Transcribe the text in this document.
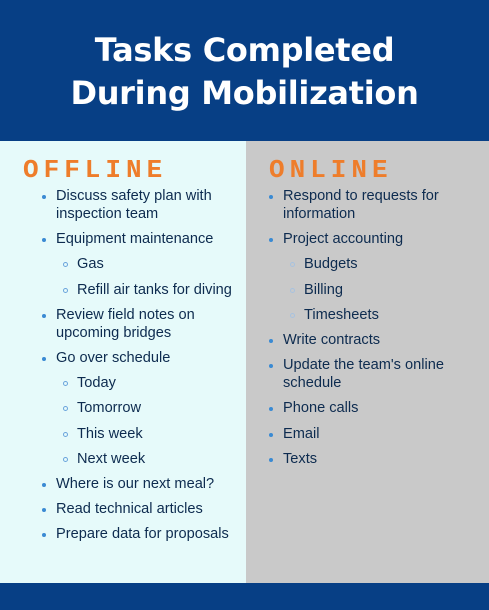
Tasks Completed
During Mobilization
OFFLINE
Discuss safety plan with inspection team
Equipment maintenance
Gas
Refill air tanks for diving
Review field notes on upcoming bridges
Go over schedule
Today
Tomorrow
This week
Next week
Where is our next meal?
Read technical articles
Prepare data for proposals
ONLINE
Respond to requests for information
Project accounting
Budgets
Billing
Timesheets
Write contracts
Update the team's online schedule
Phone calls
Email
Texts
